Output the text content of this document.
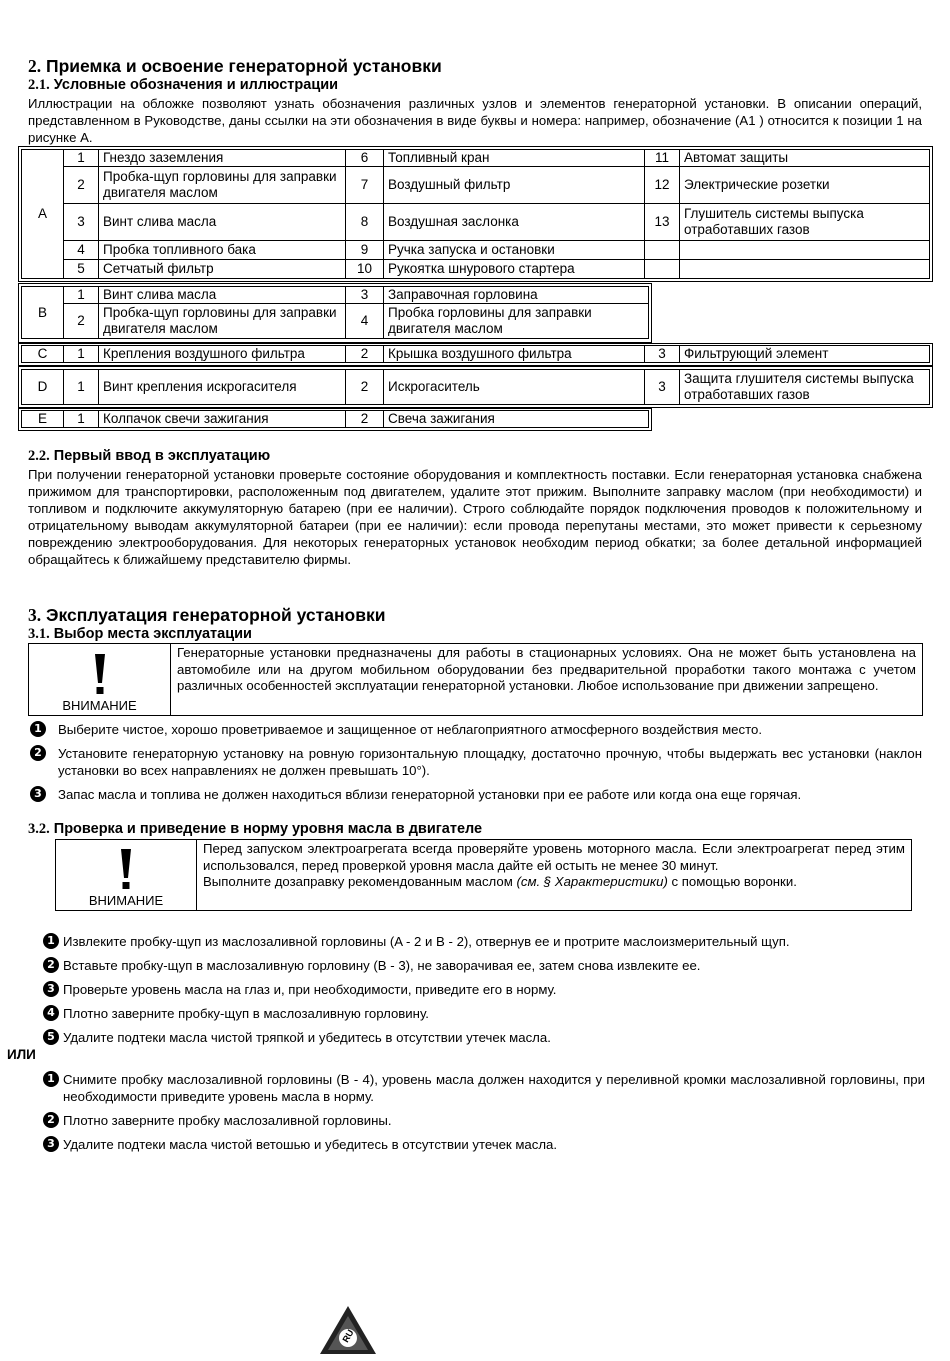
2. Приемка и освоение генераторной установки
2.1. Условные обозначения и иллюстрации
Иллюстрации на обложке позволяют узнать обозначения различных узлов и элементов генераторной установки. В описании операций, представленном в Руководстве, даны ссылки на эти обозначения в виде буквы и номера: например, обозначение (A1 ) относится к позиции 1 на рисунке A.
A	1	Гнездо заземления	6	Топливный кран	11	Автомат защиты
	2	Пробка-щуп горловины для заправки двигателя маслом	7	Воздушный фильтр	12	Электрические розетки
	3	Винт слива масла	8	Воздушная заслонка	13	Глушитель системы выпуска отработавших газов
	4	Пробка топливного бака	9	Ручка запуска и остановки		
	5	Сетчатый фильтр	10	Рукоятка шнурового стартера		
B	1	Винт слива масла	3	Заправочная горловина
	2	Пробка-щуп горловины для заправки двигателя маслом	4	Пробка горловины для заправки двигателя маслом
C	1	Крепления воздушного фильтра	2	Крышка воздушного фильтра	3	Фильтрующий элемент
D	1	Винт крепления искрогасителя	2	Искрогаситель	3	Защита глушителя системы выпуска отработавших газов
E	1	Колпачок свечи зажигания	2	Свеча зажигания
2.2. Первый ввод в эксплуатацию
При получении генераторной установки проверьте состояние оборудования и комплектность поставки. Если генераторная установка снабжена прижимом для транспортировки, расположенным под двигателем, удалите этот прижим. Выполните заправку маслом (при необходимости) и топливом и подключите аккумуляторную батарею (при ее наличии). Строго соблюдайте порядок подключения проводов к положительному и отрицательному выводам аккумуляторной батареи (при ее наличии): если провода перепутаны местами, это может привести к серьезному повреждению электрооборудования. Для некоторых генераторных установок необходим период обкатки; за более детальной информацией обращайтесь к ближайшему представителю фирмы.
3. Эксплуатация генераторной установки
3.1. Выбор места эксплуатации
ВНИМАНИЕ
Генераторные установки предназначены для работы в стационарных условиях. Она не может быть установлена на автомобиле или на другом мобильном оборудовании без предварительной проработки такого монтажа с учетом различных особенностей эксплуатации генераторной установки. Любое использование при движении запрещено.
1	Выберите чистое, хорошо проветриваемое и защищенное от неблагоприятного атмосферного воздействия место.
2	Установите генераторную установку на ровную горизонтальную площадку, достаточно прочную, чтобы выдержать вес установки (наклон установки во всех направлениях не должен превышать 10°).
3	Запас масла и топлива не должен находиться вблизи генераторной установки при ее работе или когда она еще горячая.
3.2. Проверка и приведение в норму уровня масла в двигателе
ВНИМАНИЕ
Перед запуском электроагрегата всегда проверяйте уровень моторного масла. Если электроагрегат перед этим использовался, перед проверкой уровня масла дайте ей остыть не менее 30 минут.
Выполните дозаправку рекомендованным маслом (см. § Характеристики) с помощью воронки.
1 Извлеките пробку-щуп из маслозаливной горловины (A - 2 и B - 2), отвернув ее и протрите маслоизмерительный щуп.
2 Вставьте пробку-щуп в маслозаливную горловину (B - 3), не заворачивая ее, затем снова извлеките ее.
3 Проверьте уровень масла на глаз и, при необходимости, приведите его в норму.
4 Плотно заверните пробку-щуп в маслозаливную горловину.
5 Удалите подтеки масла чистой тряпкой и убедитесь в отсутствии утечек масла.
ИЛИ
1 Снимите пробку маслозаливной горловины (B - 4), уровень масла должен находится у переливной кромки маслозаливной горловины, при необходимости приведите уровень масла в норму.
2 Плотно заверните пробку маслозаливной горловины.
3 Удалите подтеки масла чистой ветошью и убедитесь в отсутствии утечек масла.
RU
